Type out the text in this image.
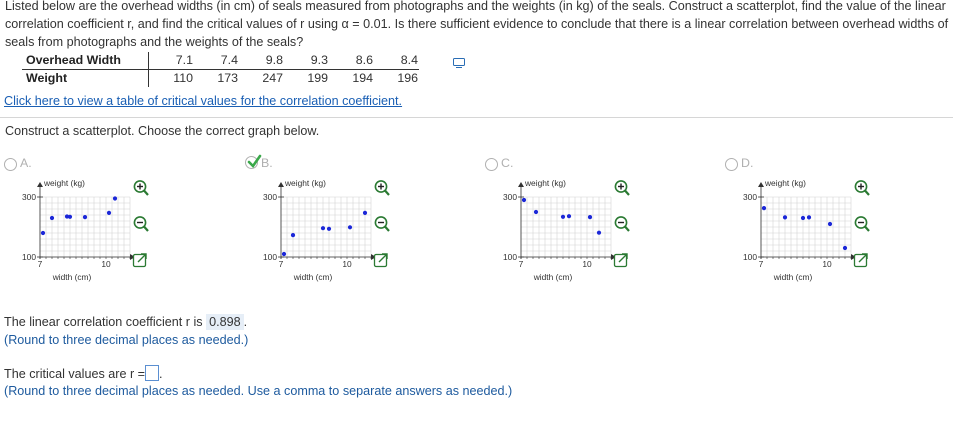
Listed below are the overhead widths (in cm) of seals measured from photographs and the weights (in kg) of the seals. Construct a scatterplot, find the value of the linear correlation coefficient r, and find the critical values of r using α = 0.01. Is there sufficient evidence to conclude that there is a linear correlation between overhead widths of seals from photographs and the weights of the seals?
Overhead Width	7.1	7.4	9.8	9.3	8.6	8.4
Weight	110	173	247	199	194	196
Click here to view a table of critical values for the correlation coefficient.
Construct a scatterplot. Choose the correct graph below.
A.
weight (kg)
300
100
7	10
width (cm)
B.
weight (kg)
300
100
7	10
width (cm)
C.
weight (kg)
300
100
7	10
width (cm)
D.
weight (kg)
300
100
7	10
width (cm)
The linear correlation coefficient r is 0.898 .
(Round to three decimal places as needed.)
The critical values are r = .
(Round to three decimal places as needed. Use a comma to separate answers as needed.)
